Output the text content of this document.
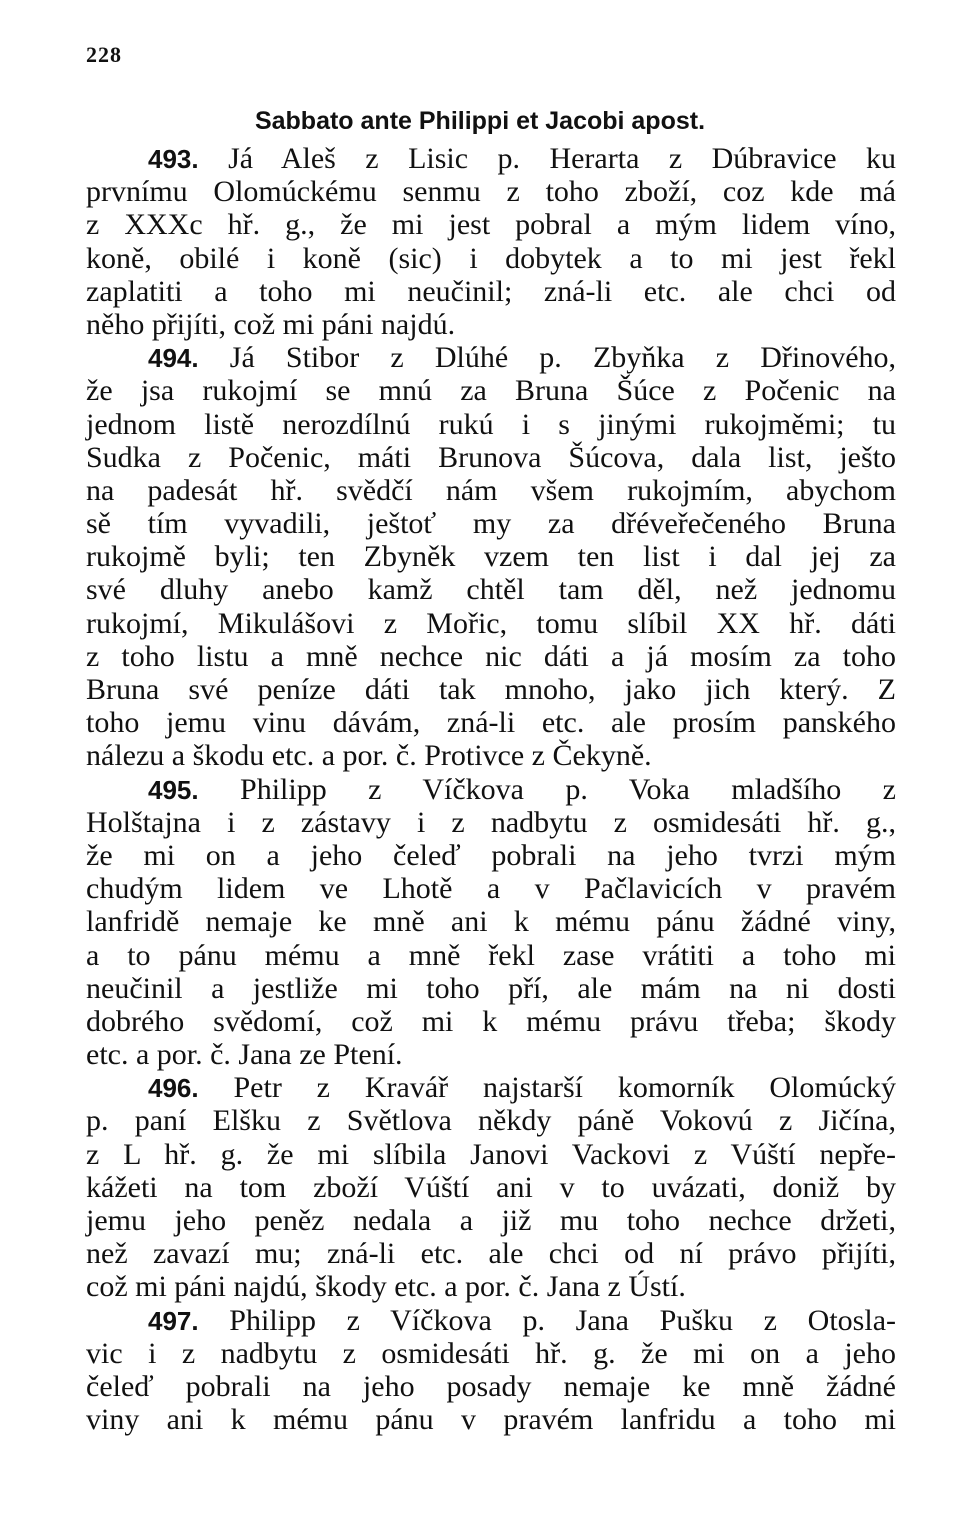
228
Sabbato ante Philippi et Jacobi apost.
493. Já Aleš z Lisic p. Herarta z Dúbravice ku
prvnímu Olomúckému senmu z toho zboží, coz kde má
z XXXc hř. g., že mi jest pobral a mým lidem víno,
koně, obilé i koně (sic) i dobytek a to mi jest řekl
zaplatiti a toho mi neučinil; zná-li etc. ale chci od
něho přijíti, což mi páni najdú.
494. Já Stibor z Dlúhé p. Zbyňka z Dřinového,
že jsa rukojmí se mnú za Bruna Šúce z Počenic na
jednom listě nerozdílnú rukú i s jinými rukojměmi; tu
Sudka z Počenic, máti Brunova Šúcova, dala list, ješto
na padesát hř. svědčí nám všem rukojmím, abychom
sě tím vyvadili, ještoť my za dřéveřečeného Bruna
rukojmě byli; ten Zbyněk vzem ten list i dal jej za
své dluhy anebo kamž chtěl tam děl, než jednomu
rukojmí, Mikulášovi z Mořic, tomu slíbil XX hř. dáti
z toho listu a mně nechce nic dáti a já mosím za toho
Bruna své peníze dáti tak mnoho, jako jich který. Z
toho jemu vinu dávám, zná-li etc. ale prosím panského
nálezu a škodu etc. a por. č. Protivce z Čekyně.
495. Philipp z Víčkova p. Voka mladšího z
Holštajna i z zástavy i z nadbytu z osmidesáti hř. g.,
že mi on a jeho čeleď pobrali na jeho tvrzi mým
chudým lidem ve Lhotě a v Pačlavicích v pravém
lanfridě nemaje ke mně ani k mému pánu žádné viny,
a to pánu mému a mně řekl zase vrátiti a toho mi
neučinil a jestliže mi toho pří, ale mám na ni dosti
dobrého svědomí, což mi k mému právu třeba; škody
etc. a por. č. Jana ze Ptení.
496. Petr z Kravář najstarší komorník Olomúcký
p. paní Elšku z Světlova někdy páně Vokovú z Jičína,
z L hř. g. že mi slíbila Janovi Vackovi z Vúští nepře-
kážeti na tom zboží Vúští ani v to uvázati, doniž by
jemu jeho peněz nedala a již mu toho nechce držeti,
než zavazí mu; zná-li etc. ale chci od ní právo přijíti,
což mi páni najdú, škody etc. a por. č. Jana z Ústí.
497. Philipp z Víčkova p. Jana Pušku z Otosla-
vic i z nadbytu z osmidesáti hř. g. že mi on a jeho
čeleď pobrali na jeho posady nemaje ke mně žádné
viny ani k mému pánu v pravém lanfridu a toho mi
